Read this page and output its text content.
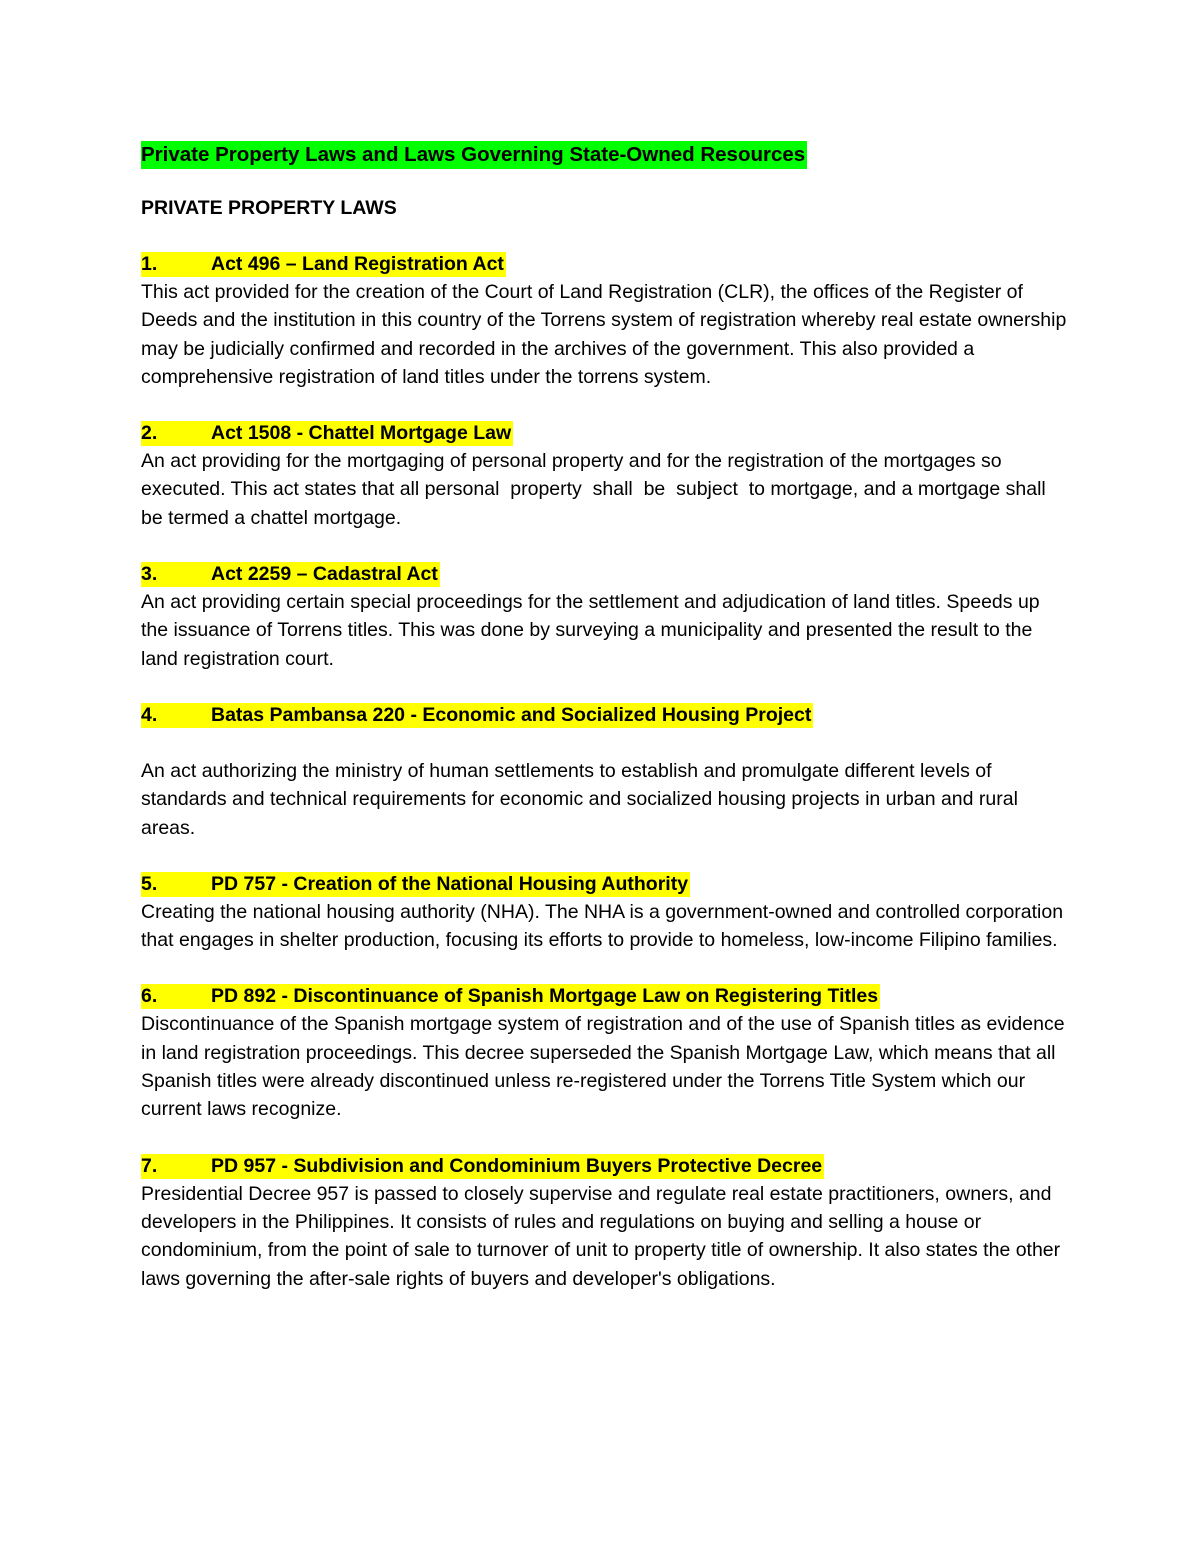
Private Property Laws and Laws Governing State-Owned Resources

PRIVATE PROPERTY LAWS

1.	Act 496 – Land Registration Act

This act provided for the creation of the Court of Land Registration (CLR), the offices of the Register of Deeds and the institution in this country of the Torrens system of registration whereby real estate ownership may be judicially confirmed and recorded in the archives of the government. This also provided a comprehensive registration of land titles under the torrens system.

2.	Act 1508 - Chattel Mortgage Law

An act providing for the mortgaging of personal property and for the registration of the mortgages so executed. This act states that all personal  property  shall  be  subject  to mortgage, and a mortgage shall be termed a chattel mortgage.

3.	Act 2259 – Cadastral Act

An act providing certain special proceedings for the settlement and adjudication of land titles. Speeds up the issuance of Torrens titles. This was done by surveying a municipality and presented the result to the land registration court.

4.	Batas Pambansa 220 - Economic and Socialized Housing Project

An act authorizing the ministry of human settlements to establish and promulgate different levels of standards and technical requirements for economic and socialized housing projects in urban and rural areas.

5.	PD 757 - Creation of the National Housing Authority

Creating the national housing authority (NHA). The NHA is a government-owned and controlled corporation that engages in shelter production, focusing its efforts to provide to homeless, low-income Filipino families.

6.	PD 892 - Discontinuance of Spanish Mortgage Law on Registering Titles

Discontinuance of the Spanish mortgage system of registration and of the use of Spanish titles as evidence in land registration proceedings. This decree superseded the Spanish Mortgage Law, which means that all Spanish titles were already discontinued unless re-registered under the Torrens Title System which our current laws recognize.

7.	PD 957 - Subdivision and Condominium Buyers Protective Decree

Presidential Decree 957 is passed to closely supervise and regulate real estate practitioners, owners, and developers in the Philippines. It consists of rules and regulations on buying and selling a house or condominium, from the point of sale to turnover of unit to property title of ownership. It also states the other laws governing the after-sale rights of buyers and developer's obligations.
